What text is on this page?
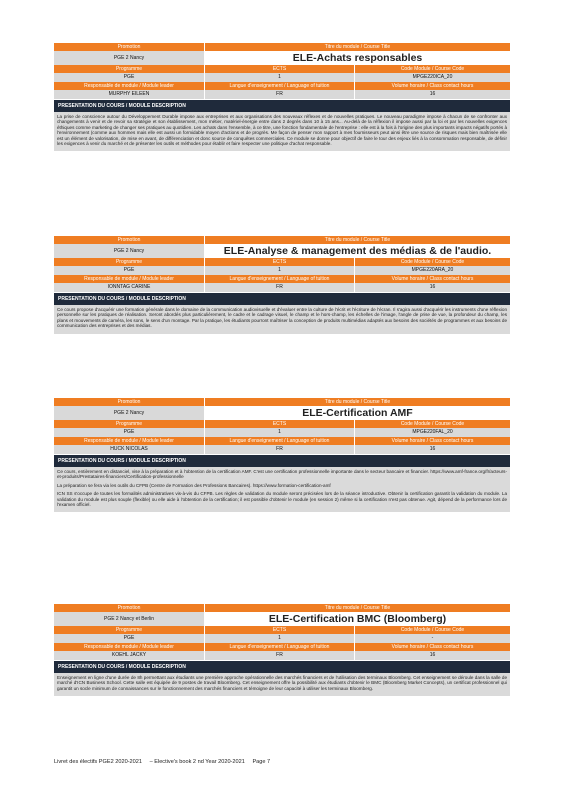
Promotion	Titre du module / Course Title
PGE 2 Nancy	ELE-Achats responsables
Programme	ECTS	Code Module / Course Code
PGE	1	MPGE220ICA_20
Responsable de module / Module leader	Langue d'enseignement / Language of tuition	Volume horaire / Class contact hours
MURPHY EILEEN	FR	16
PRESENTATION DU COURS / MODULE DESCRIPTION

La prise de conscience autour du Développement Durable impose aux entreprises et aux organisations des nouveaux réflexes et de nouvelles pratiques. Le nouveau paradigme impose à chacun de se confronter aux changements à venir et de revoir sa stratégie et son établissement, mon métier, matériel-énergie entre dans 2 degrés dans 10 à 15 ans... Au-delà de la réflexion il impose aussi par la loi et par les nouvelles exigences éthiques comme marketing de changer ses pratiques au quotidien. Les achats dans l'ensemble, à ce titre, une fonction fondamentale de l'entreprise : elle est à la fois à l'origine des plus importants impacts négatifs portés à l'environnement (comme aux hommes mais elle est aussi un formidable moyen d'actions et de progrès. Me façon de penser mon rapport à mes fournisseurs peut ainsi être une source de risques mais bien maîtrisée elle est un élément de valorisation, de mise en avant, de différenciation et donc source de conquêtes commerciales. Ce module se donne pour objectif de faire le tour des enjeux liés à la consommation responsable, de définir les exigences à venir du marché et de présenter les outils et méthodes pour établir et faire respecter une politique d'achat responsable.

Promotion	Titre du module / Course Title
PGE 2 Nancy	ELE-Analyse & management des médias & de l'audio.
Programme	ECTS	Code Module / Course Code
PGE	1	MPGE220ARA_20
Responsable de module / Module leader	Langue d'enseignement / Language of tuition	Volume horaire / Class contact hours
IONNTAG CARINE	FR	16
PRESENTATION DU COURS / MODULE DESCRIPTION

Ce cours propose d'acquérir une formation générale dans le domaine de la communication audiovisuelle et d'évaluer entre la culture de l'écrit et l'écriture de l'écran. Il s'agira aussi d'acquérir les instruments d'une réflexion personnelle sur les pratiques de réalisation. Seront abordés plus particulièrement, le cadre et le cadrage visuel, le champ et le hors-champ, les échelles de l'image, l'angle de prise de vue, la profondeur du champ, les plans et mouvements de caméra, les sons, le sens d'un montage. Par la pratique, les étudiants pourront maîtriser la conception de produits multimédias adaptés aux besoins des sociétés de programmes et aux besoins de communication des entreprises et des médias.

Promotion	Titre du module / Course Title
PGE 2 Nancy	ELE-Certification AMF
Programme	ECTS	Code Module / Course Code
PGE	1	MPGE220FAL_20
Responsable de module / Module leader	Langue d'enseignement / Language of tuition	Volume horaire / Class contact hours
HUCK NICOLAS	FR	16
PRESENTATION DU COURS / MODULE DESCRIPTION

Ce cours, entièrement en distanciel, vise à la préparation et à l'obtention de la certification AMF. C'est une certification professionnelle importante dans le secteur bancaire et financier. https://www.amf-france.org/fr/acteurs-et-produits/Prestataires-financiers/Certification-professionnelle

La préparation se fera via les outils du CFPB (Centre de Formation des Professions Bancaires). https://www.formation-certification-amf

ICN SS s'occupe de toutes les formalités administratives vis-à-vis du CFPB. Les règles de validation du module seront précisées lors de la séance introductive. Obtenir la certification garantit la validation du module. La validation du module est plus souple (flexible) ou elle aide à l'obtention de la certification; il est possible d'obtenir le module (en session 2) même si la certification n'est pas obtenue. Agit, dépend de la performance lors de l'examen officiel.

Promotion	Titre du module / Course Title
PGE 2 Nancy et Berlin	ELE-Certification BMC (Bloomberg)
Programme	ECTS	Code Module / Course Code
PGE	1	-
Responsable de module / Module leader	Langue d'enseignement / Language of tuition	Volume horaire / Class contact hours
KOEHL JACKY	FR	16
PRESENTATION DU COURS / MODULE DESCRIPTION

Enseignement en ligne d'une durée de 8h permettant aux étudiants une première approche opérationnelle des marchés financiers et de l'utilisation des terminaux Bloomberg. Cet enseignement se déroule dans la salle de marché d'ICN Business School. Cette salle est équipée de 9 postes de travail Bloomberg. Cet enseignement offre la possibilité aux étudiants d'obtenir le BMC (Bloomberg Market Concepts), un certificat professionnel qui garantit un socle minimum de connaissances sur le fonctionnement des marchés financiers et témoigne de leur capacité à utiliser les terminaux Bloomberg.

Livret des électifs PGE2 2020-2021 – Elective's book 2 nd Year 2020-2021 Page 7
